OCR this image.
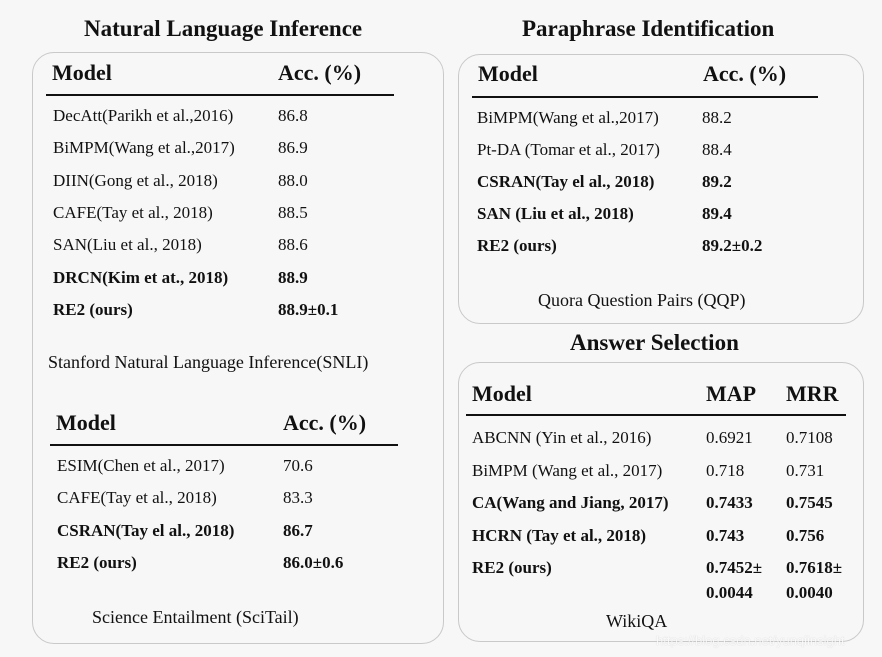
Natural Language Inference
Model	Acc. (%)
DecAtt(Parikh et al.,2016)	86.8
BiMPM(Wang et al.,2017)	86.9
DIIN(Gong et al., 2018)	88.0
CAFE(Tay et al., 2018)	88.5
SAN(Liu et al., 2018)	88.6
DRCN(Kim et at., 2018)	88.9
RE2 (ours)	88.9±0.1
Stanford Natural Language Inference(SNLI)
Model	Acc. (%)
ESIM(Chen et al., 2017)	70.6
CAFE(Tay et al., 2018)	83.3
CSRAN(Tay el al., 2018)	86.7
RE2 (ours)	86.0±0.6
Science Entailment (SciTail)
Paraphrase Identification
Model	Acc. (%)
BiMPM(Wang et al.,2017)	88.2
Pt-DA (Tomar et al., 2017) 88.4
CSRAN(Tay el al., 2018)	89.2
SAN (Liu et al., 2018)	89.4
RE2 (ours)	89.2±0.2
Quora Question Pairs (QQP)
Answer Selection
Model	MAP MRR
ABCNN (Yin et al., 2016)	0.6921 0.7108
BiMPM (Wang et al., 2017)	0.718 0.731
CA(Wang and Jiang, 2017) 0.7433 0.7545
HCRN (Tay et al., 2018)	0.743 0.756
RE2 (ours)	0.7452± 0.7618±
0.0044 0.0040
WikiQA
https://blog.csdn.net/yunqiinsight
